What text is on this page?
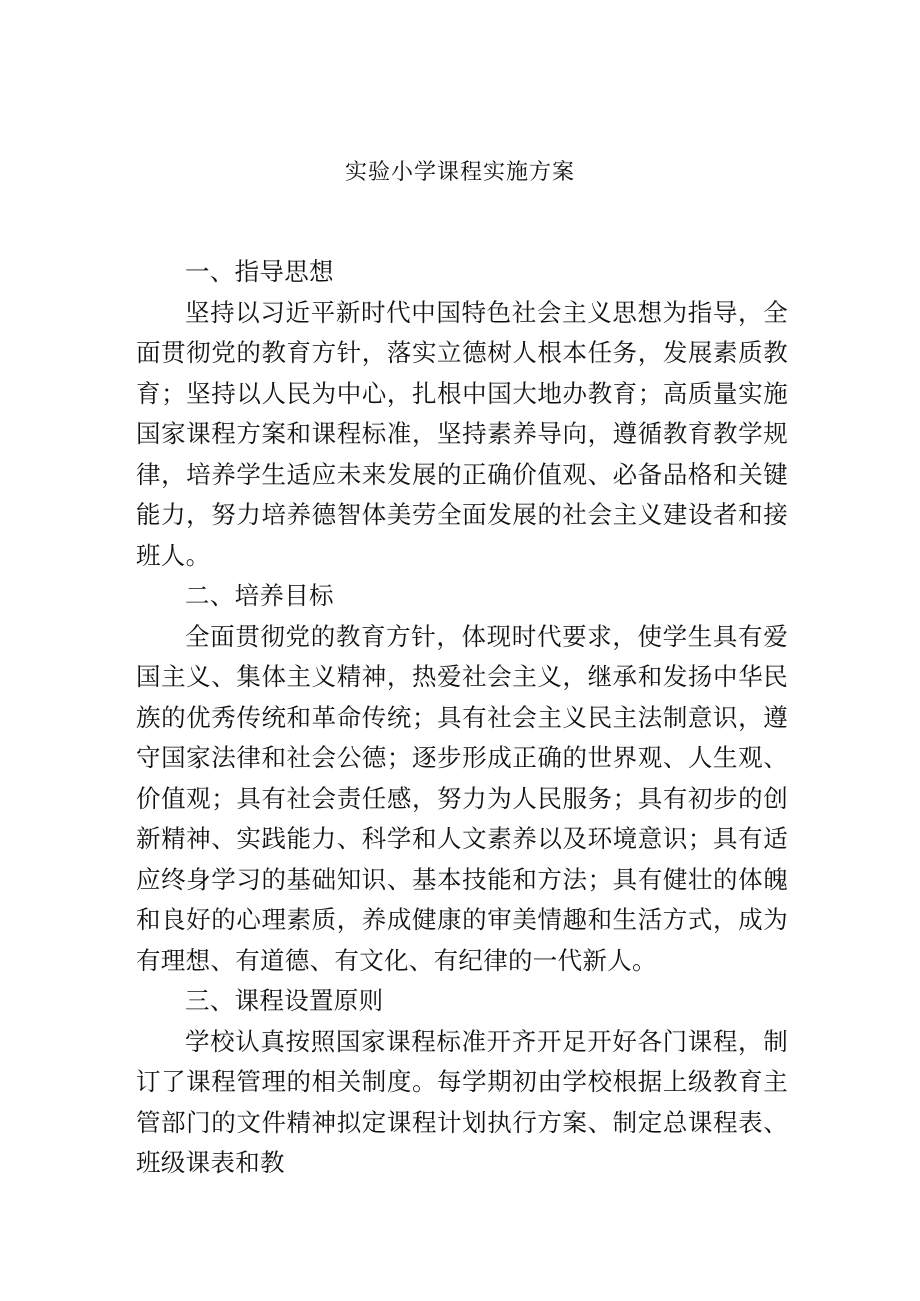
实验小学课程实施方案

一、指导思想

坚持以习近平新时代中国特色社会主义思想为指导，全面贯彻党的教育方针，落实立德树人根本任务，发展素质教育；坚持以人民为中心，扎根中国大地办教育；高质量实施国家课程方案和课程标准，坚持素养导向，遵循教育教学规律，培养学生适应未来发展的正确价值观、必备品格和关键能力，努力培养德智体美劳全面发展的社会主义建设者和接班人。

二、培养目标

全面贯彻党的教育方针，体现时代要求，使学生具有爱国主义、集体主义精神，热爱社会主义，继承和发扬中华民族的优秀传统和革命传统；具有社会主义民主法制意识，遵守国家法律和社会公德；逐步形成正确的世界观、人生观、价值观；具有社会责任感，努力为人民服务；具有初步的创新精神、实践能力、科学和人文素养以及环境意识；具有适应终身学习的基础知识、基本技能和方法；具有健壮的体魄和良好的心理素质，养成健康的审美情趣和生活方式，成为有理想、有道德、有文化、有纪律的一代新人。

三、课程设置原则

学校认真按照国家课程标准开齐开足开好各门课程，制订了课程管理的相关制度。每学期初由学校根据上级教育主管部门的文件精神拟定课程计划执行方案、制定总课程表、班级课表和教
